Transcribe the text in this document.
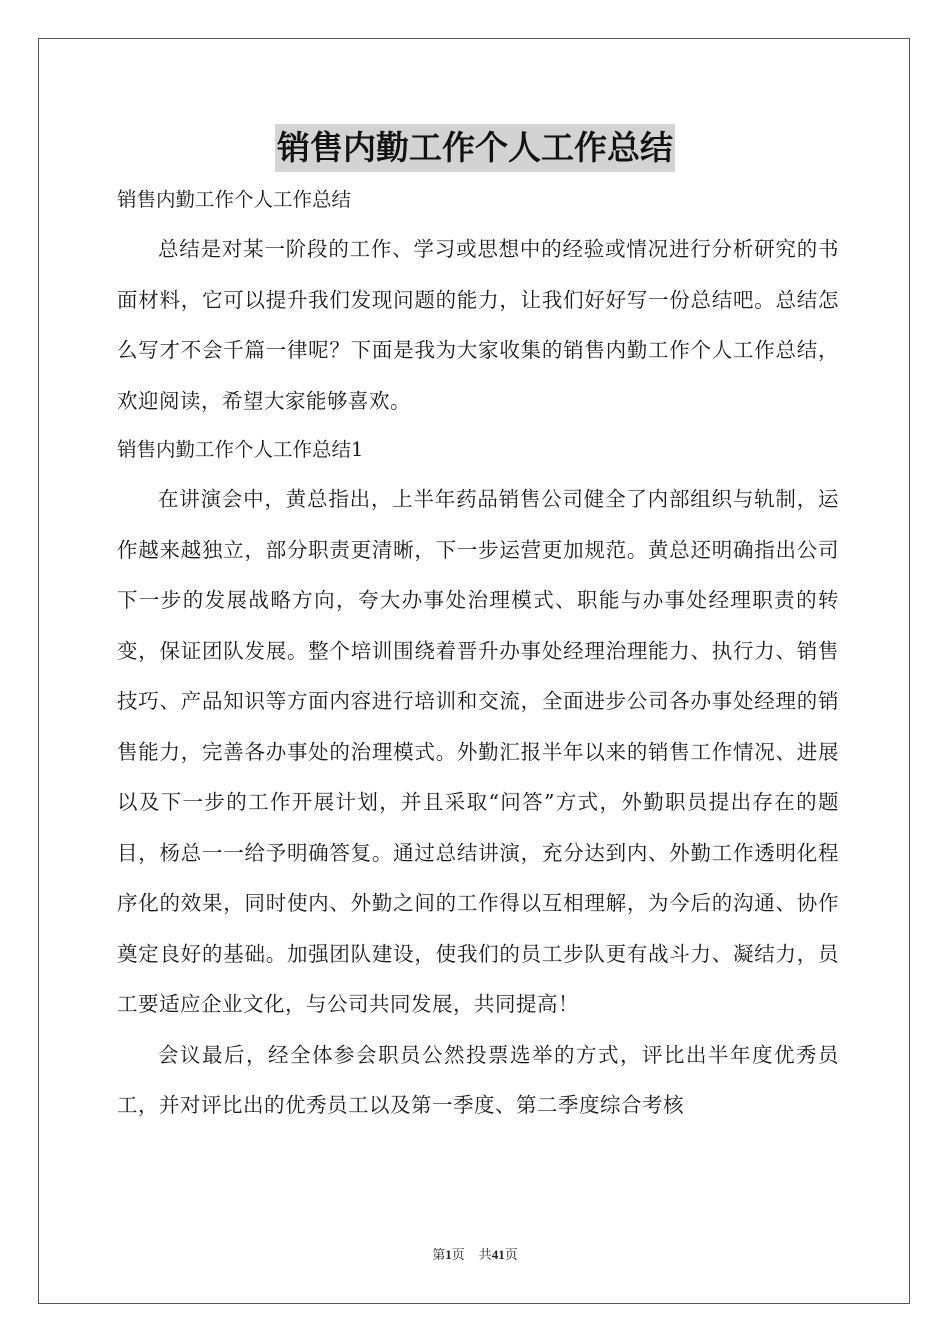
销售内勤工作个人工作总结

销售内勤工作个人工作总结

总结是对某一阶段的工作、学习或思想中的经验或情况进行分析研究的书面材料，它可以提升我们发现问题的能力，让我们好好写一份总结吧。总结怎么写才不会千篇一律呢？下面是我为大家收集的销售内勤工作个人工作总结，欢迎阅读，希望大家能够喜欢。

销售内勤工作个人工作总结1

在讲演会中，黄总指出，上半年药品销售公司健全了内部组织与轨制，运作越来越独立，部分职责更清晰，下一步运营更加规范。黄总还明确指出公司下一步的发展战略方向，夸大办事处治理模式、职能与办事处经理职责的转变，保证团队发展。整个培训围绕着晋升办事处经理治理能力、执行力、销售技巧、产品知识等方面内容进行培训和交流，全面进步公司各办事处经理的销售能力，完善各办事处的治理模式。外勤汇报半年以来的销售工作情况、进展以及下一步的工作开展计划，并且采取“问答”方式，外勤职员提出存在的题目，杨总一一给予明确答复。通过总结讲演，充分达到内、外勤工作透明化程序化的效果，同时使内、外勤之间的工作得以互相理解，为今后的沟通、协作奠定良好的基础。加强团队建设，使我们的员工步队更有战斗力、凝结力，员工要适应企业文化，与公司共同发展，共同提高！

会议最后，经全体参会职员公然投票选举的方式，评比出半年度优秀员工，并对评比出的优秀员工以及第一季度、第二季度综合考核

第1页 共41页
